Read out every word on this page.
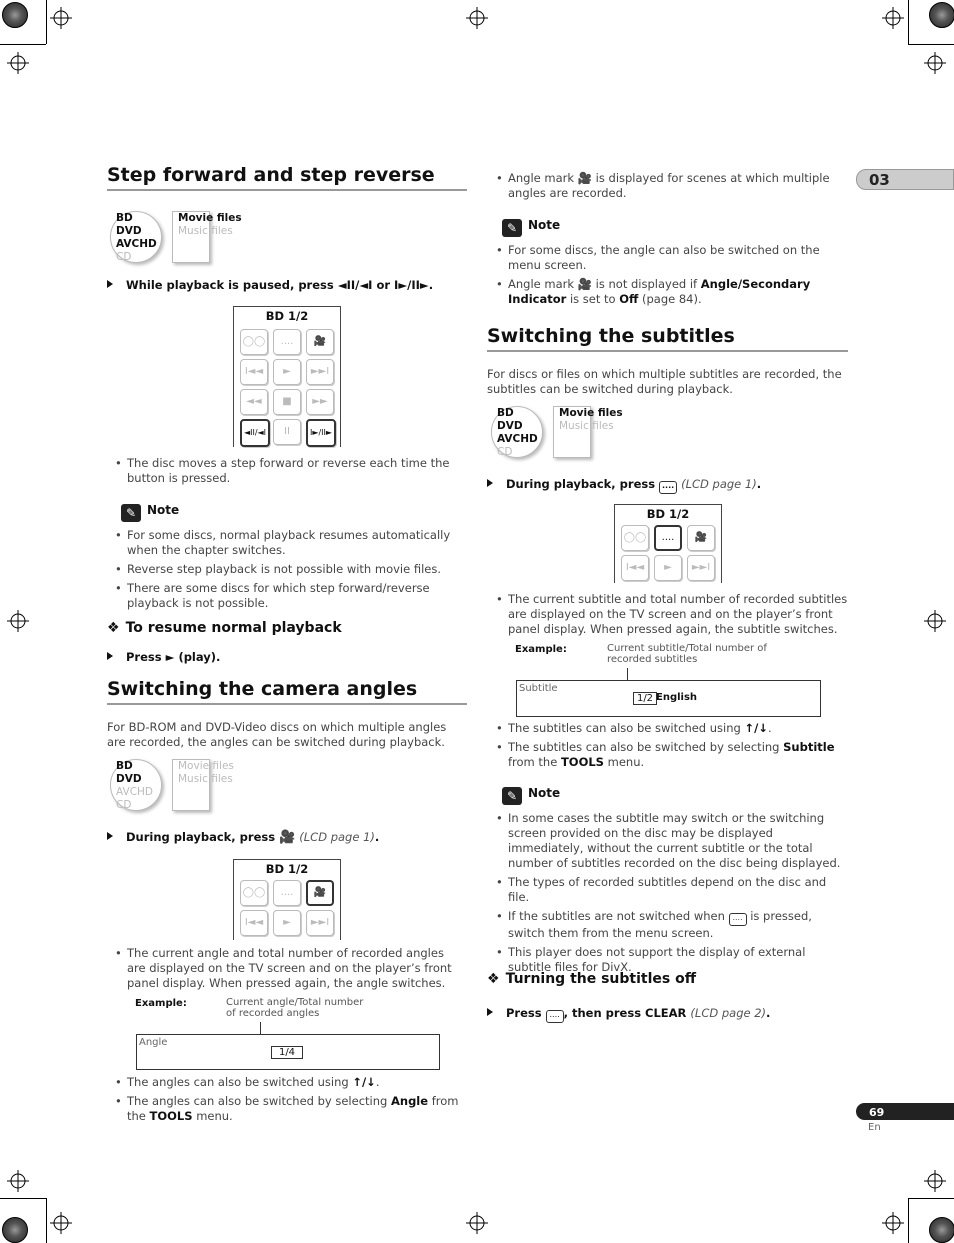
03
69
En
Step forward and step reverse
BD
DVD
AVCHD
CD
Movie files
Music files
While playback is paused, press ◄II/◄I or I►/II►.
BD 1/2
◯◯	....	🎥
I◄◄	►	►►I
◄◄	■	►►
◄II/◄I	II	I►/II►
• The disc moves a step forward or reverse each time the button is pressed.
✎ Note
• For some discs, normal playback resumes automatically when the chapter switches.
• Reverse step playback is not possible with movie files.
• There are some discs for which step forward/reverse playback is not possible.
❖ To resume normal playback
Press ► (play).
Switching the camera angles
For BD-ROM and DVD-Video discs on which multiple angles are recorded, the angles can be switched during playback.
BD
DVD
AVCHD
CD
Movie files
Music files
During playback, press 🎥 (LCD page 1).
BD 1/2
◯◯	....	🎥
I◄◄	►	►►I
• The current angle and total number of recorded angles are displayed on the TV screen and on the player’s front panel display. When pressed again, the angle switches.
Example:	Current angle/Total number of recorded angles
Angle
1/4
• The angles can also be switched using ↑/↓.
• The angles can also be switched by selecting Angle from the TOOLS menu.
• Angle mark 🎥 is displayed for scenes at which multiple angles are recorded.
✎ Note
• For some discs, the angle can also be switched on the menu screen.
• Angle mark 🎥 is not displayed if Angle/Secondary Indicator is set to Off (page 84).
Switching the subtitles
For discs or files on which multiple subtitles are recorded, the subtitles can be switched during playback.
BD
DVD
AVCHD
CD
Movie files
Music files
During playback, press .... (LCD page 1).
BD 1/2
◯◯	....	🎥
I◄◄	►	►►I
• The current subtitle and total number of recorded subtitles are displayed on the TV screen and on the player’s front panel display. When pressed again, the subtitle switches.
Example:	Current subtitle/Total number of recorded subtitles
Subtitle
1/2 English
• The subtitles can also be switched using ↑/↓.
• The subtitles can also be switched by selecting Subtitle from the TOOLS menu.
✎ Note
• In some cases the subtitle may switch or the switching screen provided on the disc may be displayed immediately, without the current subtitle or the total number of subtitles recorded on the disc being displayed.
• The types of recorded subtitles depend on the disc and file.
• If the subtitles are not switched when .... is pressed, switch them from the menu screen.
• This player does not support the display of external subtitle files for DivX.
❖ Turning the subtitles off
Press .... , then press CLEAR (LCD page 2).
